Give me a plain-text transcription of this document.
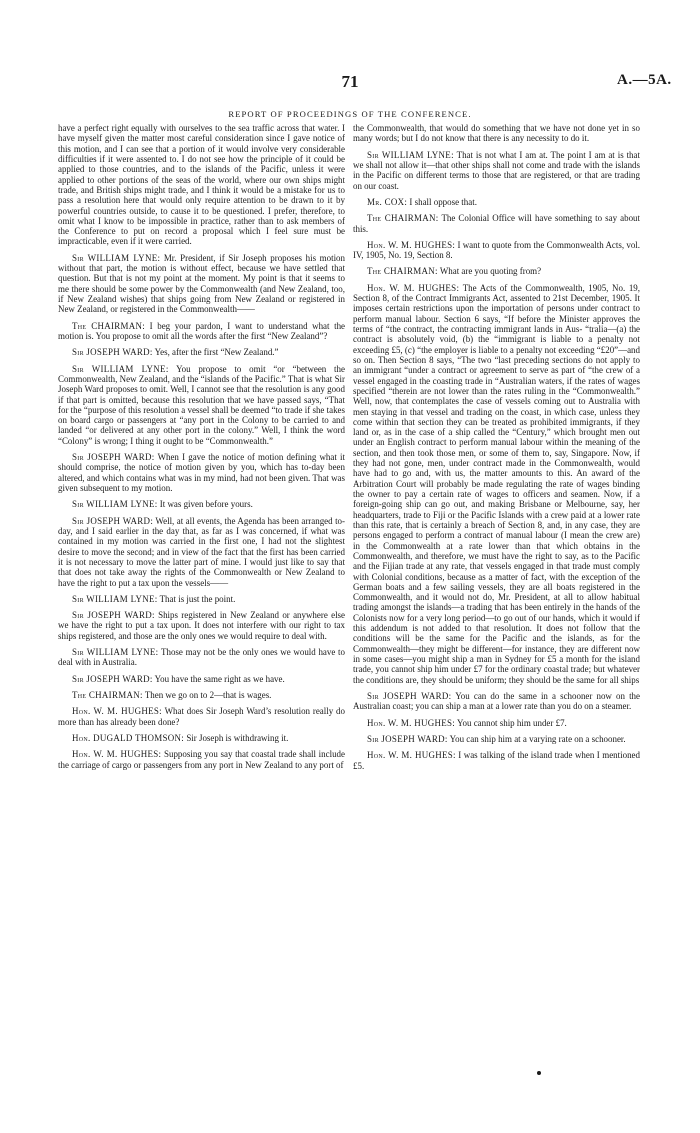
71	A.—5A.
REPORT OF PROCEEDINGS OF THE CONFERENCE.

have a perfect right equally with ourselves to the sea traffic across that water. I have myself given the matter most careful consideration since I gave notice of this motion, and I can see that a portion of it would involve very considerable difficulties if it were assented to. I do not see how the principle of it could be applied to those countries, and to the islands of the Pacific, unless it were applied to other portions of the seas of the world, where our own ships might trade, and British ships might trade, and I think it would be a mistake for us to pass a resolution here that would only require attention to be drawn to it by powerful countries outside, to cause it to be questioned. I prefer, therefore, to omit what I know to be impossible in practice, rather than to ask members of the Conference to put on record a proposal which I feel sure must be impracticable, even if it were carried.

Sir WILLIAM LYNE: Mr. President, if Sir Joseph proposes his motion without that part, the motion is without effect, because we have settled that question. But that is not my point at the moment. My point is that it seems to me there should be some power by the Commonwealth (and New Zealand, too, if New Zealand wishes) that ships going from New Zealand or registered in New Zealand, or registered in the Commonwealth——

The CHAIRMAN: I beg your pardon, I want to understand what the motion is. You propose to omit all the words after the first “New Zealand”?

Sir JOSEPH WARD: Yes, after the first “New Zealand.”

Sir WILLIAM LYNE: You propose to omit “or “between the Commonwealth, New Zealand, and the “islands of the Pacific.” That is what Sir Joseph Ward proposes to omit. Well, I cannot see that the resolution is any good if that part is omitted, because this resolution that we have passed says, “That for the “purpose of this resolution a vessel shall be deemed “to trade if she takes on board cargo or passengers at “any port in the Colony to be carried to and landed “or delivered at any other port in the colony.” Well, I think the word “Colony” is wrong; I thing it ought to be “Commonwealth.”

Sir JOSEPH WARD: When I gave the notice of motion defining what it should comprise, the notice of motion given by you, which has to-day been altered, and which contains what was in my mind, had not been given. That was given subsequent to my motion.

Sir WILLIAM LYNE: It was given before yours.

Sir JOSEPH WARD: Well, at all events, the Agenda has been arranged to-day, and I said earlier in the day that, as far as I was concerned, if what was contained in my motion was carried in the first one, I had not the slightest desire to move the second; and in view of the fact that the first has been carried it is not necessary to move the latter part of mine. I would just like to say that that does not take away the rights of the Commonwealth or New Zealand to have the right to put a tax upon the vessels——

Sir WILLIAM LYNE: That is just the point.

Sir JOSEPH WARD: Ships registered in New Zealand or anywhere else we have the right to put a tax upon. It does not interfere with our right to tax ships registered, and those are the only ones we would require to deal with.

Sir WILLIAM LYNE: Those may not be the only ones we would have to deal with in Australia.

Sir JOSEPH WARD: You have the same right as we have.

The CHAIRMAN: Then we go on to 2—that is wages.

Hon. W. M. HUGHES: What does Sir Joseph Ward’s resolution really do more than has already been done?

Hon. DUGALD THOMSON: Sir Joseph is withdrawing it.

Hon. W. M. HUGHES: Supposing you say that coastal trade shall include the carriage of cargo or passengers from any port in New Zealand to any port of

the Commonwealth, that would do something that we have not done yet in so many words; but I do not know that there is any necessity to do it.

Sir WILLIAM LYNE: That is not what I am at. The point I am at is that we shall not allow it—that other ships shall not come and trade with the islands in the Pacific on different terms to those that are registered, or that are trading on our coast.

Mr. COX: I shall oppose that.

The CHAIRMAN: The Colonial Office will have something to say about this.

Hon. W. M. HUGHES: I want to quote from the Commonwealth Acts, vol. IV, 1905, No. 19, Section 8.

The CHAIRMAN: What are you quoting from?

Hon. W. M. HUGHES: The Acts of the Commonwealth, 1905, No. 19, Section 8, of the Contract Immigrants Act, assented to 21st December, 1905. It imposes certain restrictions upon the importation of persons under contract to perform manual labour. Section 6 says, “If before the Minister approves the terms of “the contract, the contracting immigrant lands in Aus- “tralia—(a) the contract is absolutely void, (b) the “immigrant is liable to a penalty not exceeding £5, (c) “the employer is liable to a penalty not exceeding “£20”—and so on. Then Section 8 says, “The two “last preceding sections do not apply to an immigrant “under a contract or agreement to serve as part of “the crew of a vessel engaged in the coasting trade in “Australian waters, if the rates of wages specified “therein are not lower than the rates ruling in the “Commonwealth.” Well, now, that contemplates the case of vessels coming out to Australia with men staying in that vessel and trading on the coast, in which case, unless they come within that section they can be treated as prohibited immigrants, if they land or, as in the case of a ship called the “Century,” which brought men out under an English contract to perform manual labour within the meaning of the section, and then took those men, or some of them to, say, Singapore. Now, if they had not gone, men, under contract made in the Commonwealth, would have had to go and, with us, the matter amounts to this. An award of the Arbitration Court will probably be made regulating the rate of wages binding the owner to pay a certain rate of wages to officers and seamen. Now, if a foreign-going ship can go out, and making Brisbane or Melbourne, say, her headquarters, trade to Fiji or the Pacific Islands with a crew paid at a lower rate than this rate, that is certainly a breach of Section 8, and, in any case, they are persons engaged to perform a contract of manual labour (I mean the crew are) in the Commonwealth at a rate lower than that which obtains in the Commonwealth, and therefore, we must have the right to say, as to the Pacific and the Fijian trade at any rate, that vessels engaged in that trade must comply with Colonial conditions, because as a matter of fact, with the exception of the German boats and a few sailing vessels, they are all boats registered in the Commonwealth, and it would not do, Mr. President, at all to allow habitual trading amongst the islands—a trading that has been entirely in the hands of the Colonists now for a very long period—to go out of our hands, which it would if this addendum is not added to that resolution. It does not follow that the conditions will be the same for the Pacific and the islands, as for the Commonwealth—they might be different—for instance, they are different now in some cases—you might ship a man in Sydney for £5 a month for the island trade, you cannot ship him under £7 for the ordinary coastal trade; but whatever the conditions are, they should be uniform; they should be the same for all ships

Sir JOSEPH WARD: You can do the same in a schooner now on the Australian coast; you can ship a man at a lower rate than you do on a steamer.

Hon. W. M. HUGHES: You cannot ship him under £7.

Sir JOSEPH WARD: You can ship him at a varying rate on a schooner.

Hon. W. M. HUGHES: I was talking of the island trade when I mentioned £5.
